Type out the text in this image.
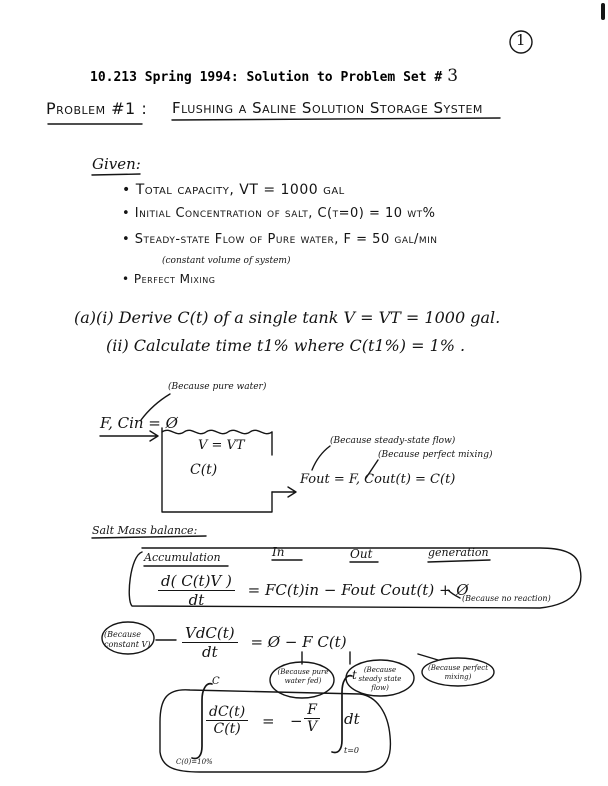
1
10.213 Spring 1994: Solution to Problem Set # 3
Problem #1 : Flushing a Saline Solution Storage System
Given:
• Total capacity, VT = 1000 gal
• Initial Concentration of salt, C(t=0) = 10 wt%
• Steady-state Flow of Pure water, F = 50 gal/min
(constant volume of system)
• Perfect Mixing
(a)(i) Derive C(t) of a single tank V = VT = 1000 gal.
(ii) Calculate time t1% where C(t1%) = 1% .
(Because pure water)
F, Cin = Ø
V = VT
C(t)
(Because steady-state flow)
(Because perfect mixing)
Fout = F, Cout(t) = C(t)
Salt Mass balance:
Accumulation	In	Out	generation
$\frac{d( C(t)V )}{dt} = FC(t)in$ − Fout Cout(t) + Ø
(Because no reaction)
(Because constant $V) \frac{\text{VdC(t)}}{dt}$ = Ø − F C(t)
(Because pure water fed)
(Because steady state flow)
(Because perfect mixing)
C
C(0)=10%
$\frac{dC(t)}{C(t)}$ = − $\frac{F}{V}$ dt
t
t=0
